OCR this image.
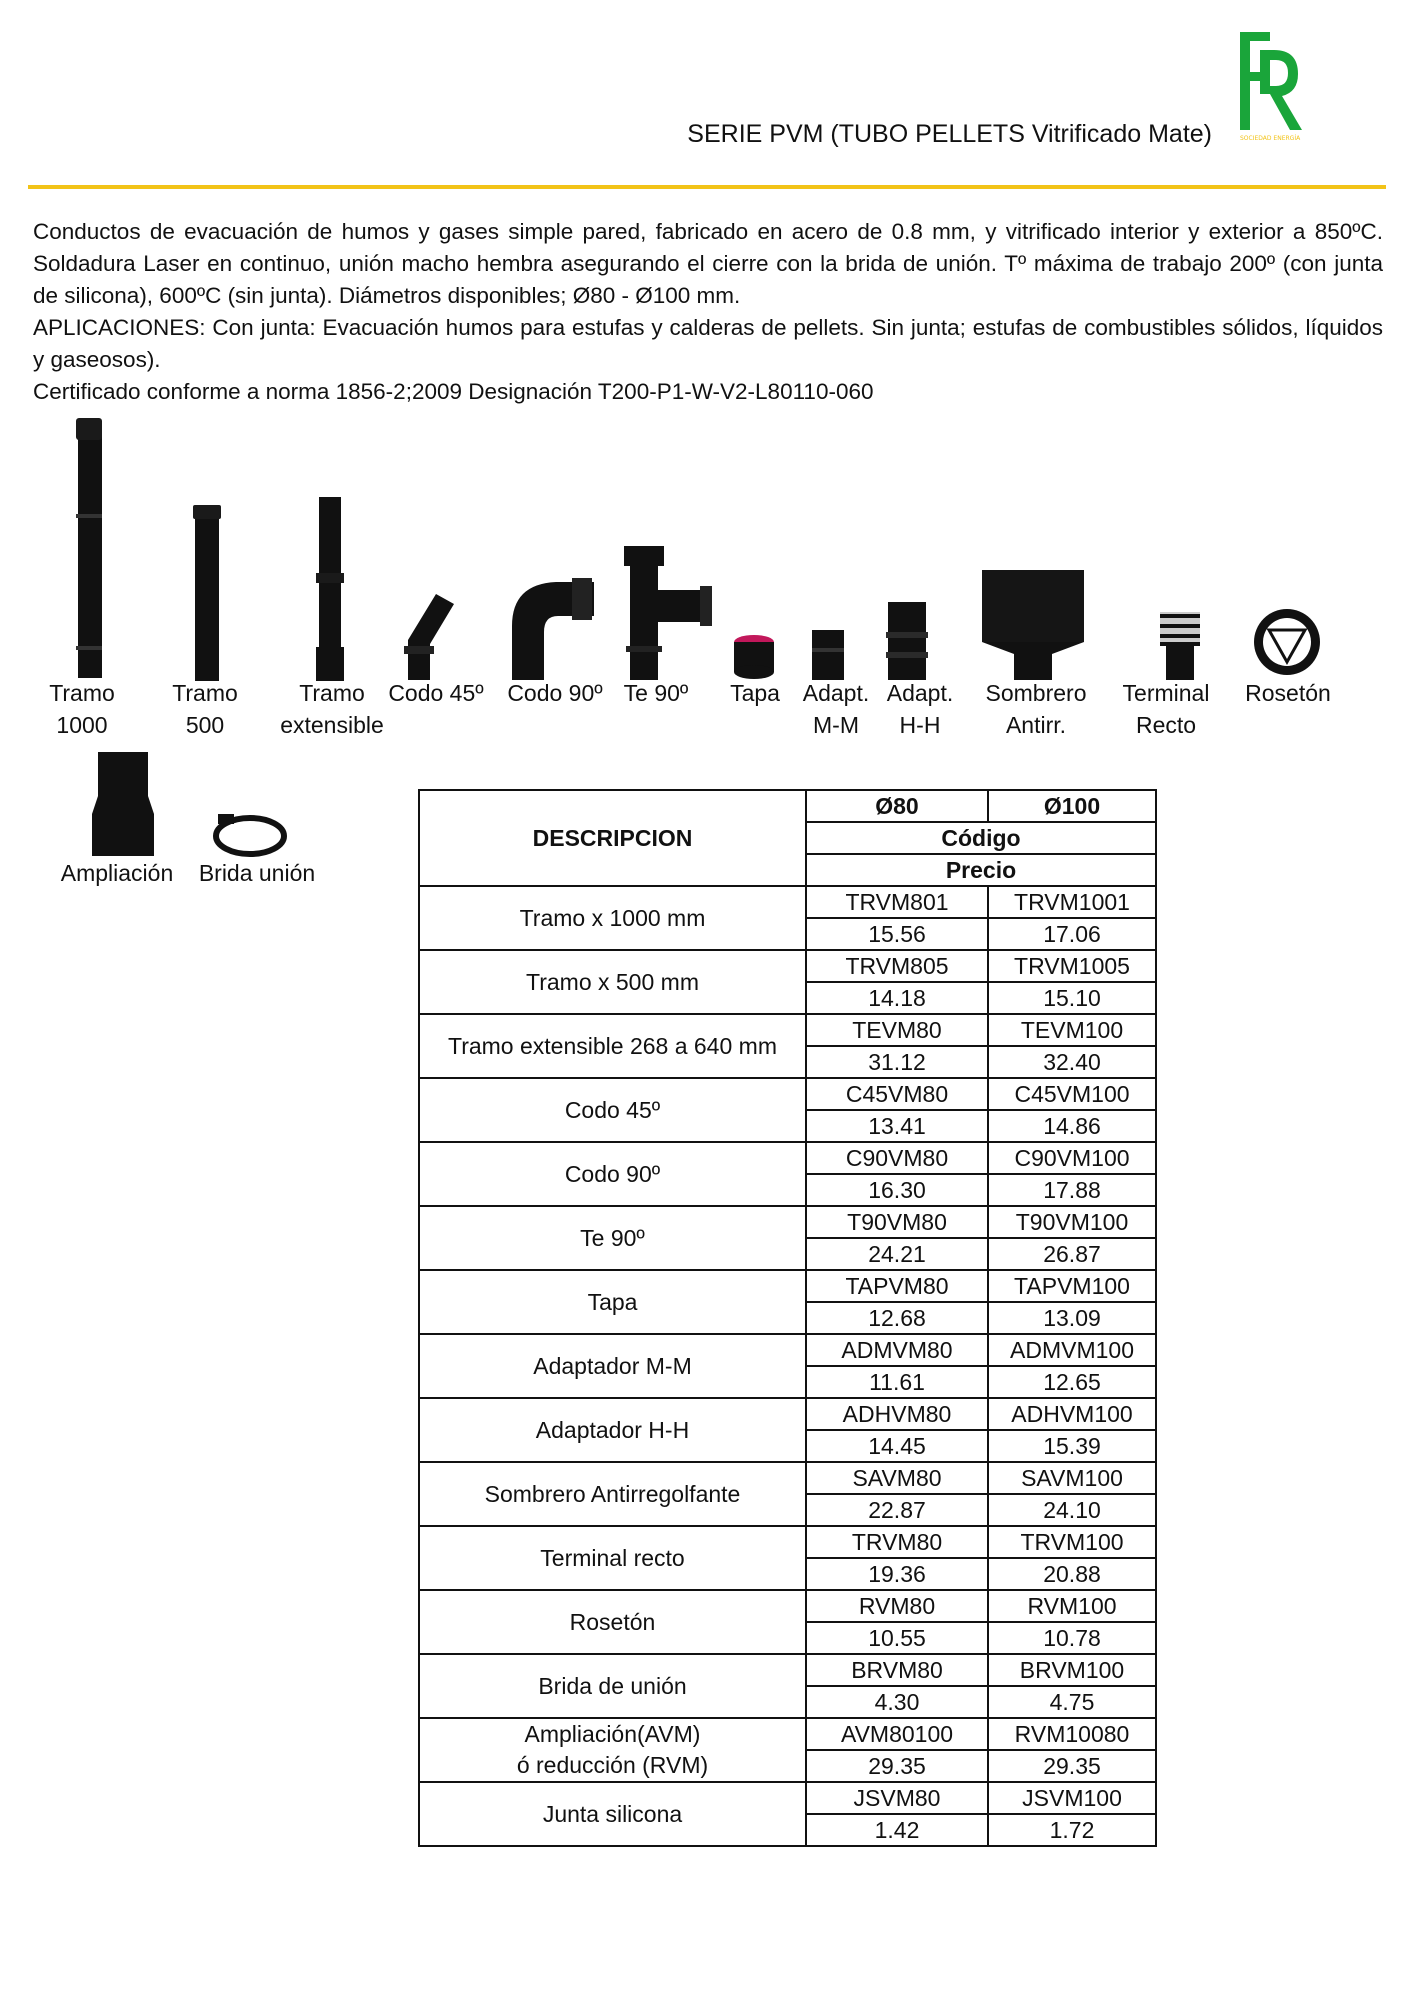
SOCIEDAD ENERGÍA
SERIE PVM (TUBO PELLETS Vitrificado Mate)

Conductos de evacuación de humos y gases simple pared, fabricado en acero de 0.8 mm, y vitrificado interior y exterior a 850ºC. Soldadura Laser en continuo, unión macho hembra asegurando el cierre con la brida de unión. Tº máxima de trabajo 200º (con junta de silicona), 600ºC (sin junta). Diámetros disponibles; Ø80 - Ø100 mm.

APLICACIONES: Con junta: Evacuación humos para estufas y calderas de pellets. Sin junta; estufas de combustibles sólidos, líquidos y gaseosos).

Certificado conforme a norma 1856-2;2009 Designación T200-P1-W-V2-L80110-060

Tramo
1000
Tramo
500
Tramo
extensible
Codo 45º	Codo 90º Te 90º	Tapa Adapt.
M-M
Adapt.
H-H
Sombrero
Antirr.
Terminal
Recto
Rosetón
Ampliación	Brida unión
DESCRIPCION	Ø80	Ø100
	Código	
	Precio	
Tramo x 1000 mm	TRVM801	TRVM1001
	15.56	17.06
Tramo x 500 mm	TRVM805	TRVM1005
	14.18	15.10
Tramo extensible 268 a 640 mm	TEVM80	TEVM100
	31.12	32.40
Codo 45º	C45VM80	C45VM100
	13.41	14.86
Codo 90º	C90VM80	C90VM100
	16.30	17.88
Te 90º	T90VM80	T90VM100
	24.21	26.87
Tapa	TAPVM80	TAPVM100
	12.68	13.09
Adaptador M-M	ADMVM80	ADMVM100
	11.61	12.65
Adaptador H-H	ADHVM80	ADHVM100
	14.45	15.39
Sombrero Antirregolfante	SAVM80	SAVM100
	22.87	24.10
Terminal recto	TRVM80	TRVM100
	19.36	20.88
Rosetón	RVM80	RVM100
	10.55	10.78
Brida de unión	BRVM80	BRVM100
	4.30	4.75

Ampliación(AVM)
ó reducción (RVM)	AVM80100	RVM10080
	29.35	29.35
Junta silicona	JSVM80	JSVM100
	1.42	1.72
